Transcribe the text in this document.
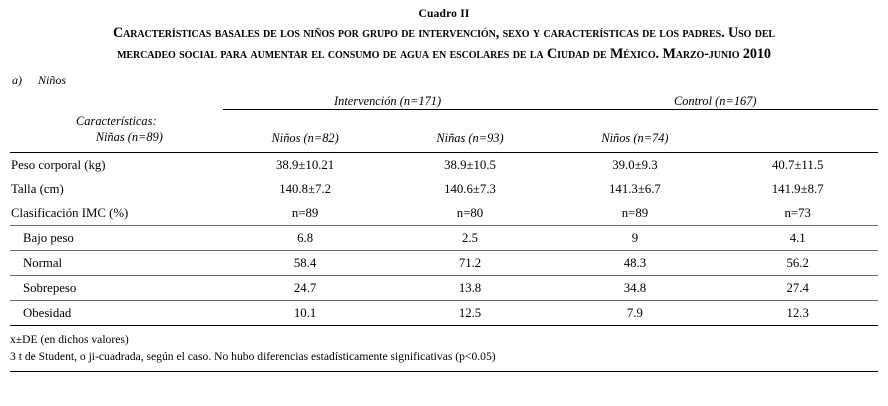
Cuadro II
Características basales de los niños por grupo de intervención, sexo y características de los padres. Uso del
mercadeo social para aumentar el consumo de agua en escolares de la Ciudad de México. Marzo-junio 2010
a) Niños
	Intervención (n=171)		Control (n=167)	
Características:
Niñas (n=89)	Niños (n=82)	Niñas (n=93)	Niños (n=74)	

Peso corporal (kg)	38.9±10.21	38.9±10.5	39.0±9.3	40.7±11.5
Talla (cm)	140.8±7.2	140.6±7.3	141.3±6.7	141.9±8.7
Clasificación IMC (%)	n=89	n=80	n=89	n=73
Bajo peso	6.8	2.5	9	4.1
Normal	58.4	71.2	48.3	56.2
Sobrepeso	24.7	13.8	34.8	27.4
Obesidad	10.1	12.5	7.9	12.3

x±DE (en dichos valores)
3 t de Student, o ji-cuadrada, según el caso. No hubo diferencias estadísticamente significativas (p<0.05)
